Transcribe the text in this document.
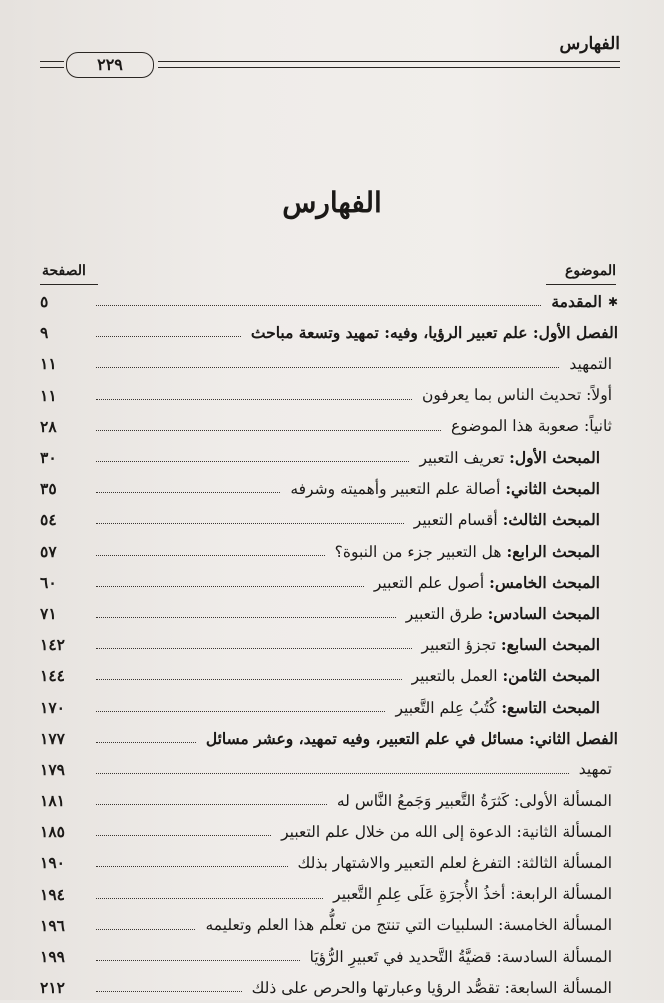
الفهارس
٢٢٩
الفهارس
الموضوع
الصفحة
✱
المقدمة
٥
الفصل الأول: علم تعبير الرؤيا، وفيه: تمهيد وتسعة مباحث
٩
التمهيد
١١
أولاً: تحديث الناس بما يعرفون
١١
ثانياً: صعوبة هذا الموضوع
٢٨
المبحث الأول: تعريف التعبير
٣٠
المبحث الثاني: أصالة علم التعبير وأهميته وشرفه
٣٥
المبحث الثالث: أقسام التعبير
٥٤
المبحث الرابع: هل التعبير جزء من النبوة؟
٥٧
المبحث الخامس: أصول علم التعبير
٦٠
المبحث السادس: طرق التعبير
٧١
المبحث السابع: تجزؤ التعبير
١٤٢
المبحث الثامن: العمل بالتعبير
١٤٤
المبحث التاسع: كُتُبُ عِلم التَّعبير
١٧٠
الفصل الثاني: مسائل في علم التعبير، وفيه تمهيد، وعشر مسائل
١٧٧
تمهيد
١٧٩
المسألة الأولى: كَثرَةُ التَّعبير وَجَمعُ النَّاس له
١٨١
المسألة الثانية: الدعوة إلى الله من خلال علم التعبير
١٨٥
المسألة الثالثة: التفرغ لعلم التعبير والاشتهار بذلك
١٩٠
المسألة الرابعة: أخذُ الأُجرَةِ عَلَى عِلمِ التَّعبير
١٩٤
المسألة الخامسة: السلبيات التي تنتج من تعلُّم هذا العلم وتعليمه
١٩٦
المسألة السادسة: قضيَّةُ التَّحديد في تَعبيرِ الرُّؤيَا
١٩٩
المسألة السابعة: تقصُّد الرؤيا وعبارتها والحرص على ذلك
٢١٢
